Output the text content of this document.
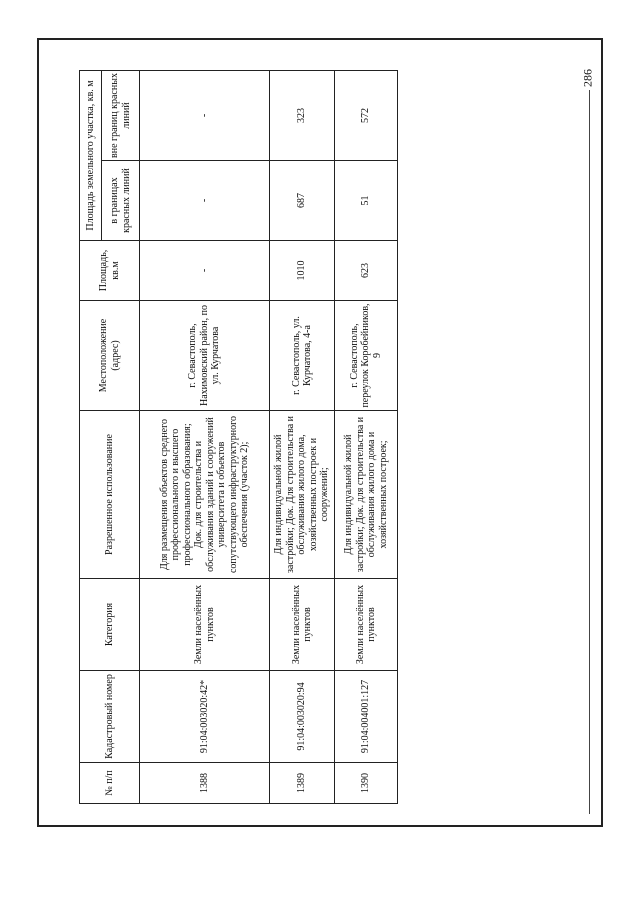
№ п/п	Кадастровый номер	Категория	Разрешенное использование	Местоположение (адрес)	Площадь, кв.м	Площадь земельного участка, кв. м	
						в границах красных линий	вне границ красных линий
1388	91:04:003020:42*	Земли населённых пунктов	Для размещения объектов среднего профессионального и высшего профессионального образования; Док. для строительства и обслуживания зданий и сооружений университета и объектов сопутствующего инфраструктурного обеспечения (участок 2);	г. Севастополь, Нахимовский район, по ул. Курчатова	-	-	-
1389	91:04:003020:94	Земли населённых пунктов	Для индивидуальной жилой застройки; Док. Для строительства и обслуживания жилого дома, хозяйственных построек и сооружений;	г. Севастополь, ул. Курчатова, 4-а	1010	687	323
1390	91:04:004001:127	Земли населённых пунктов	Для индивидуальной жилой застройки; Док. для строительства и обслуживания жилого дома и хозяйственных построек;	г. Севастополь, переулок Коробейников, 9	623	51	572
286
